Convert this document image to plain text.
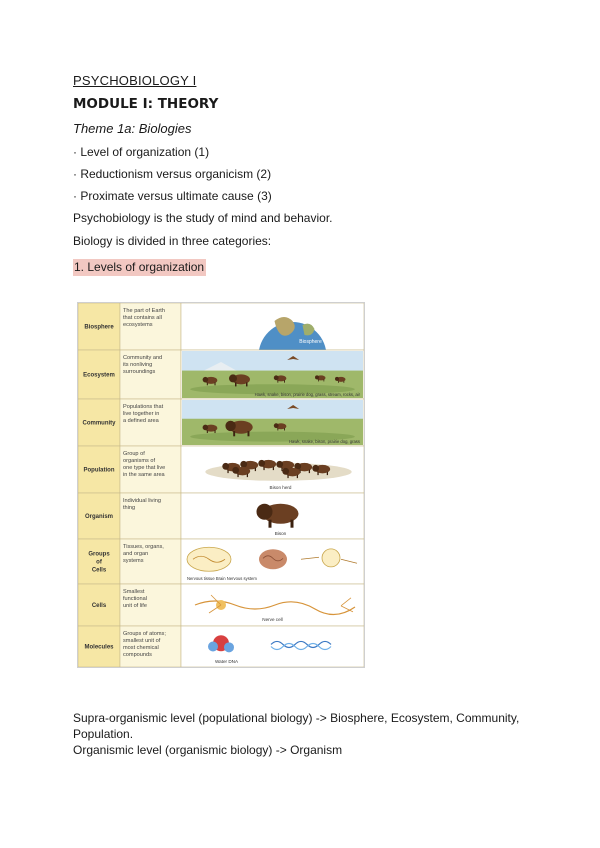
PSYCHOBIOLOGY I
MODULE I: THEORY
Theme 1a: Biologies
· Level of organization (1)
· Reductionism versus organicism (2)
· Proximate versus ultimate cause (3)
Psychobiology is the study of mind and behavior.
Biology is divided in three categories:
1. Levels of organization
Biosphere
The part of Earth that contains all ecosystems
Biosphere
Ecosystem
Community and its nonliving surroundings
Hawk, snake, bison, prairie dog, grass, stream, rocks, air
Community
Populations that live together in a defined area
Hawk, snake, bison, prairie dog, grass
Population
Group of organisms of one type that live in the same area
Bison herd
Organism
Individual living thing
Bison
Groups of Cells
Tissues, organs, and organ systems
Nervous tissue Brain Nervous system
Cells
Smallest functional unit of life
Nerve cell
Molecules
Groups of atoms; smallest unit of most chemical compounds
Water DNA
Supra-organismic level (populational biology) -> Biosphere, Ecosystem, Community, Population.
Organismic level (organismic biology) -> Organism
